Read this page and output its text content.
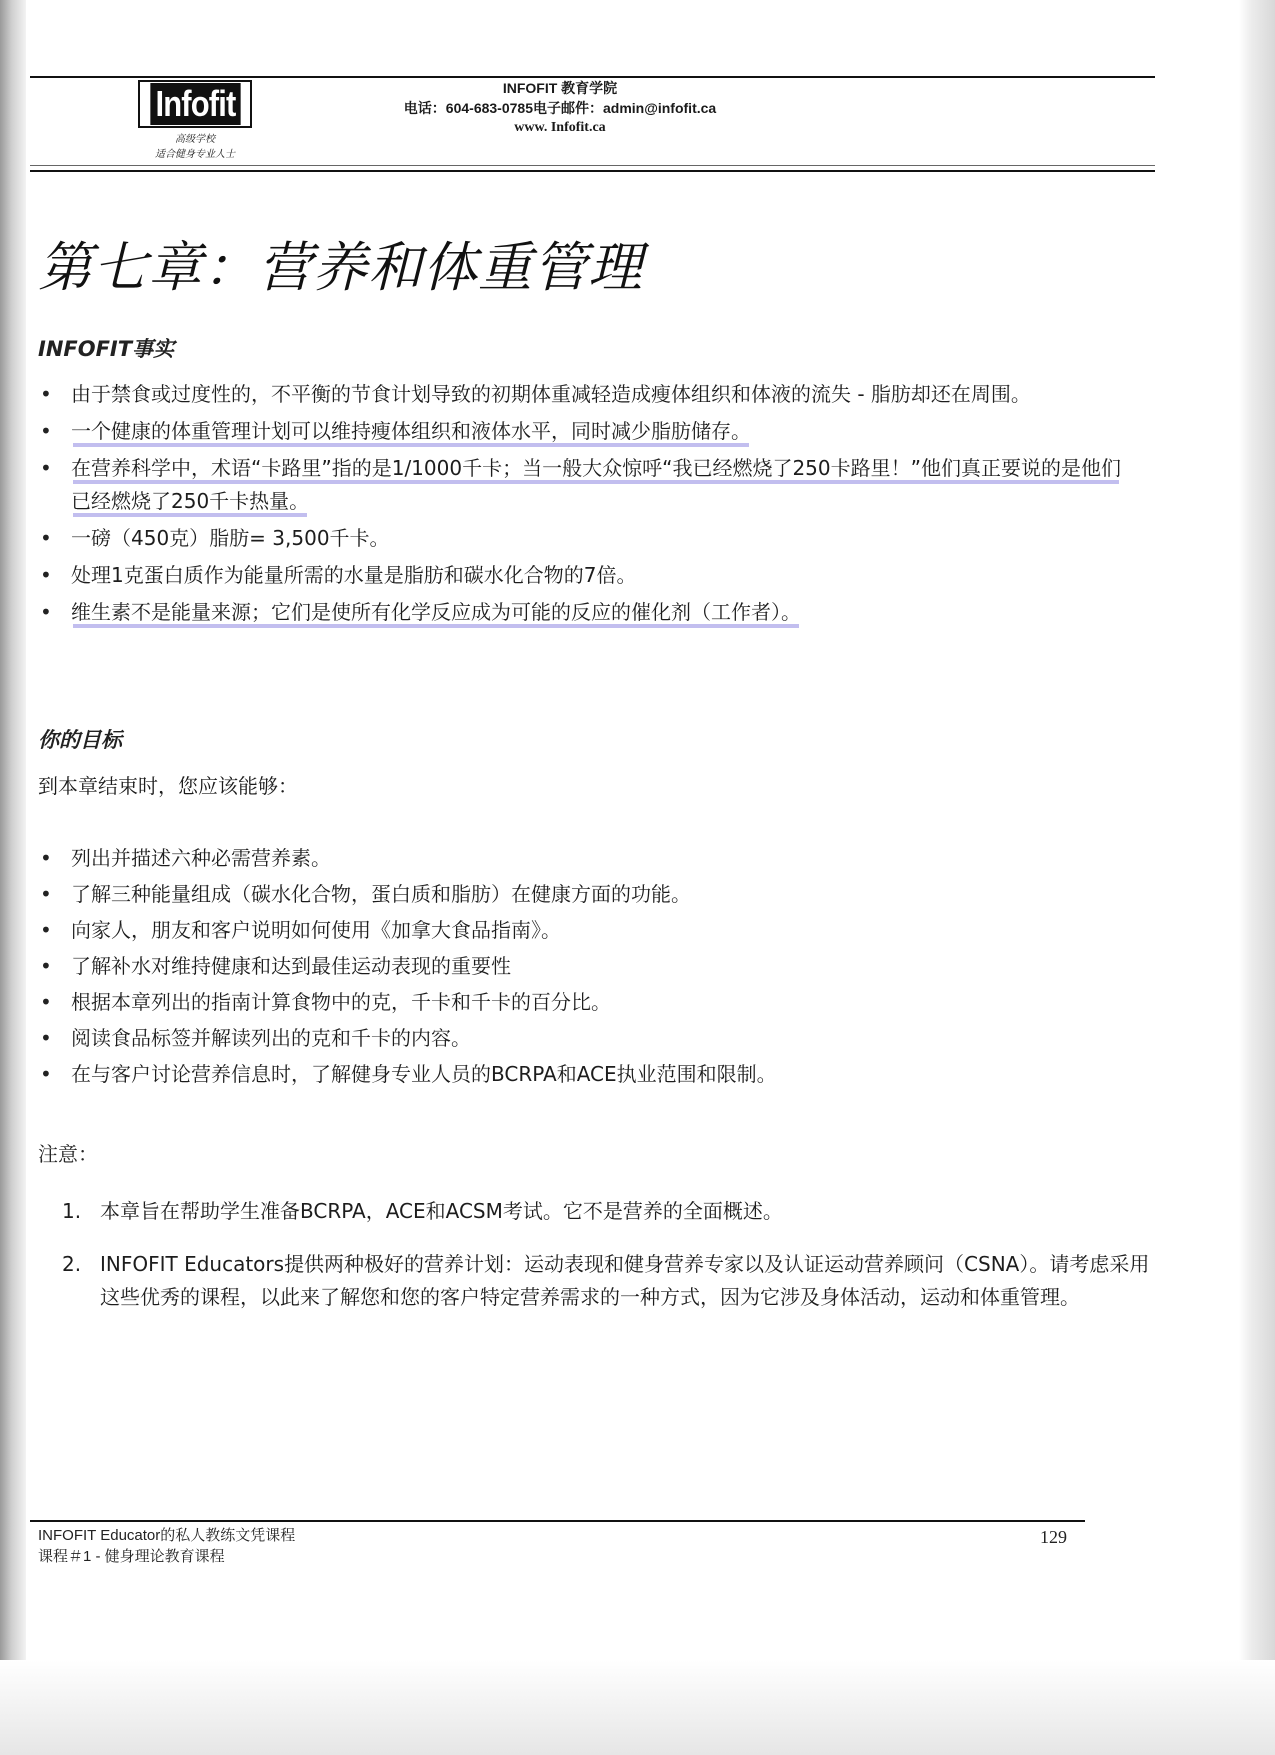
Infofit
高级学校
适合健身专业人士
INFOFIT 教育学院
电话：604-683-0785电子邮件：admin@infofit.ca
www. Infofit.ca
第七章：营养和体重管理
INFOFIT事实
• 由于禁食或过度性的，不平衡的节食计划导致的初期体重减轻造成瘦体组织和体液的流失 - 脂肪却还在周围。
• 一个健康的体重管理计划可以维持瘦体组织和液体水平，同时减少脂肪储存。
• 在营养科学中，术语“卡路里”指的是1/1000千卡；当一般大众惊呼“我已经燃烧了250卡路里！”他们真正要说的是他们已经燃烧了250千卡热量。
• 一磅（450克）脂肪= 3,500千卡。
• 处理1克蛋白质作为能量所需的水量是脂肪和碳水化合物的7倍。
• 维生素不是能量来源；它们是使所有化学反应成为可能的反应的催化剂（工作者）。
你的目标
到本章结束时，您应该能够：
• 列出并描述六种必需营养素。
• 了解三种能量组成（碳水化合物，蛋白质和脂肪）在健康方面的功能。
• 向家人，朋友和客户说明如何使用《加拿大食品指南》。
• 了解补水对维持健康和达到最佳运动表现的重要性
• 根据本章列出的指南计算食物中的克，千卡和千卡的百分比。
• 阅读食品标签并解读列出的克和千卡的内容。
• 在与客户讨论营养信息时，了解健身专业人员的BCRPA和ACE执业范围和限制。
注意：
1. 本章旨在帮助学生准备BCRPA，ACE和ACSM考试。它不是营养的全面概述。
2. INFOFIT Educators提供两种极好的营养计划：运动表现和健身营养专家以及认证运动营养顾问（CSNA）。请考虑采用这些优秀的课程，以此来了解您和您的客户特定营养需求的一种方式，因为它涉及身体活动，运动和体重管理。
INFOFIT Educator的私人教练文凭课程
课程＃1 - 健身理论教育课程
129
